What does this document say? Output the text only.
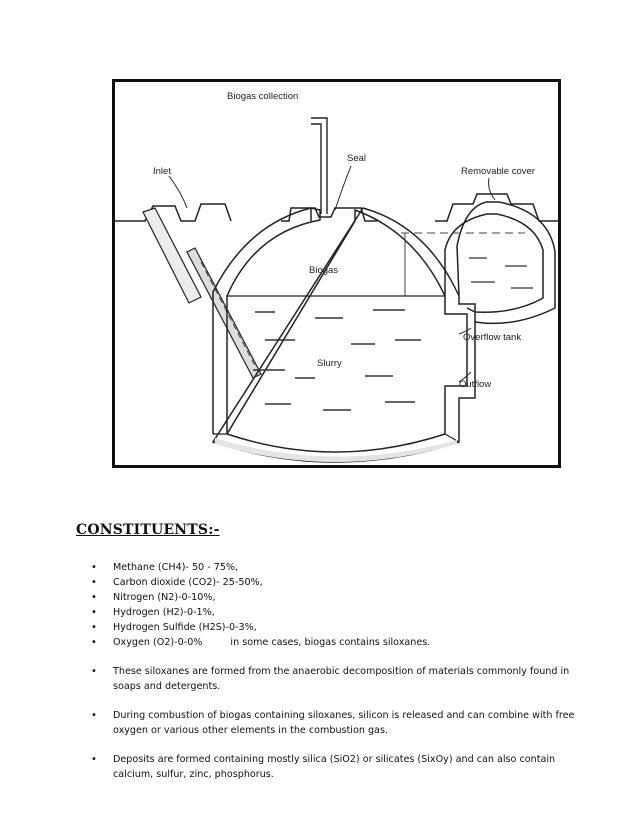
Biogas collection
Seal
Inlet	Removable cover
Biogas
Overflow tank
Slurry
Outflow
CONSTITUENTS:-
• Methane (CH4)- 50 - 75%,
• Carbon dioxide (CO2)- 25-50%,
• Nitrogen (N2)-0-10%,
• Hydrogen (H2)-0-1%,
• Hydrogen Sulfide (H2S)-0-3%,
• Oxygen (O2)-0-0%	in some cases, biogas contains siloxanes.
• These siloxanes are formed from the anaerobic decomposition of materials commonly found in soaps and detergents.
• During combustion of biogas containing siloxanes, silicon is released and can combine with free oxygen or various other elements in the combustion gas.
• Deposits are formed containing mostly silica (SiO2) or silicates (SixOy) and can also contain calcium, sulfur, zinc, phosphorus.
